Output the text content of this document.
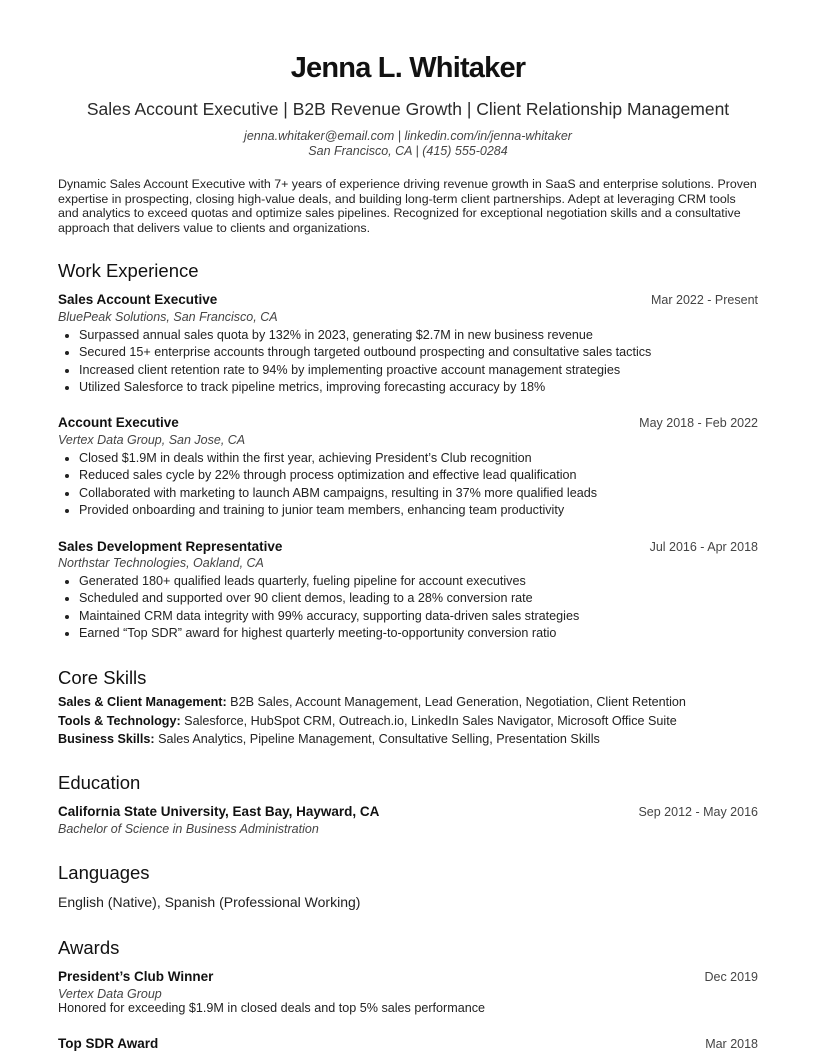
Jenna L. Whitaker
Sales Account Executive | B2B Revenue Growth | Client Relationship Management
jenna.whitaker@email.com | linkedin.com/in/jenna-whitaker
San Francisco, CA | (415) 555-0284
Dynamic Sales Account Executive with 7+ years of experience driving revenue growth in SaaS and enterprise solutions. Proven expertise in prospecting, closing high-value deals, and building long-term client partnerships. Adept at leveraging CRM tools and analytics to exceed quotas and optimize sales pipelines. Recognized for exceptional negotiation skills and a consultative approach that delivers value to clients and organizations.
Work Experience
Sales Account Executive	Mar 2022 - Present
BluePeak Solutions, San Francisco, CA
• Surpassed annual sales quota by 132% in 2023, generating $2.7M in new business revenue
• Secured 15+ enterprise accounts through targeted outbound prospecting and consultative sales tactics
• Increased client retention rate to 94% by implementing proactive account management strategies
• Utilized Salesforce to track pipeline metrics, improving forecasting accuracy by 18%
Account Executive	May 2018 - Feb 2022
Vertex Data Group, San Jose, CA
• Closed $1.9M in deals within the first year, achieving President’s Club recognition
• Reduced sales cycle by 22% through process optimization and effective lead qualification
• Collaborated with marketing to launch ABM campaigns, resulting in 37% more qualified leads
• Provided onboarding and training to junior team members, enhancing team productivity
Sales Development Representative	Jul 2016 - Apr 2018
Northstar Technologies, Oakland, CA
• Generated 180+ qualified leads quarterly, fueling pipeline for account executives
• Scheduled and supported over 90 client demos, leading to a 28% conversion rate
• Maintained CRM data integrity with 99% accuracy, supporting data-driven sales strategies
• Earned “Top SDR” award for highest quarterly meeting-to-opportunity conversion ratio
Core Skills
Sales & Client Management: B2B Sales, Account Management, Lead Generation, Negotiation, Client Retention
Tools & Technology: Salesforce, HubSpot CRM, Outreach.io, LinkedIn Sales Navigator, Microsoft Office Suite
Business Skills: Sales Analytics, Pipeline Management, Consultative Selling, Presentation Skills
Education
California State University, East Bay, Hayward, CA	Sep 2012 - May 2016
Bachelor of Science in Business Administration
Languages
English (Native), Spanish (Professional Working)
Awards
President’s Club Winner	Dec 2019
Vertex Data Group
Honored for exceeding $1.9M in closed deals and top 5% sales performance
Top SDR Award	Mar 2018
